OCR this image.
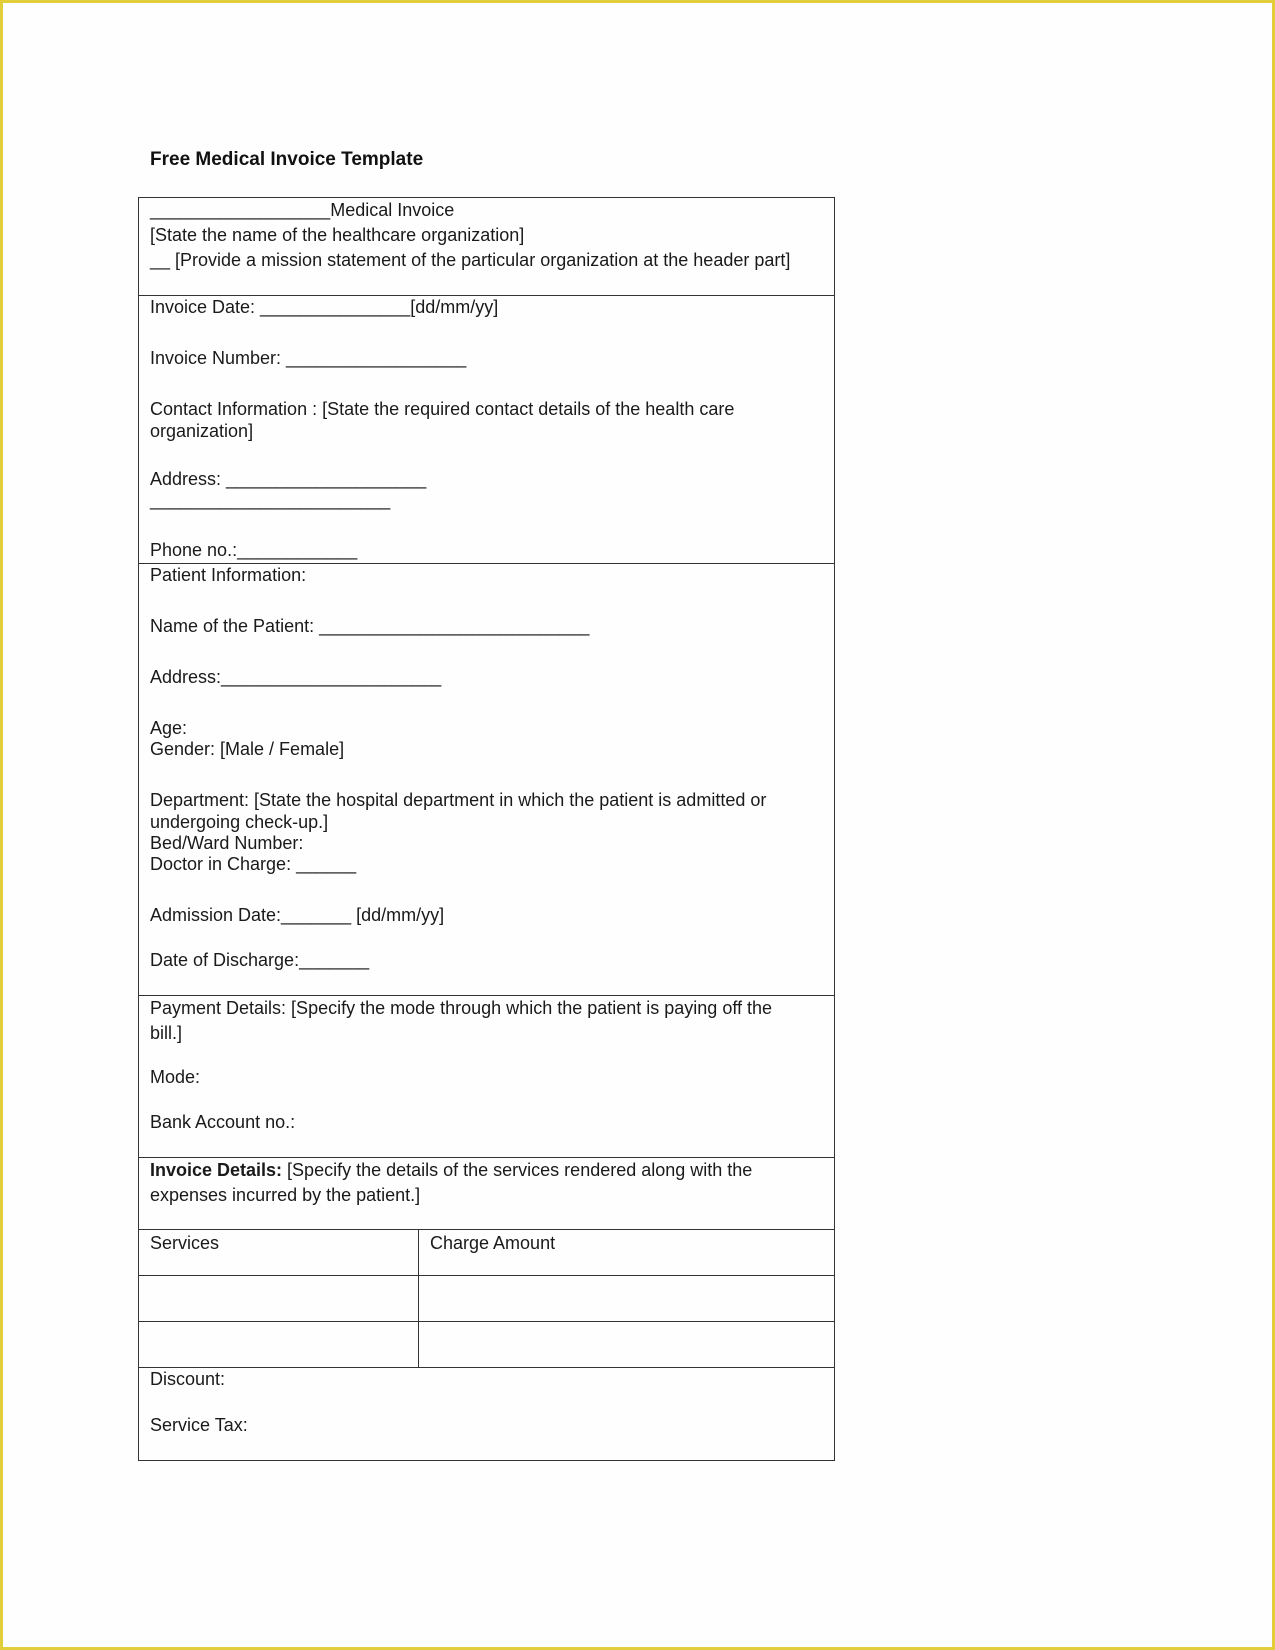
Free Medical Invoice Template
__________________Medical Invoice
[State the name of the healthcare organization]
__ [Provide a mission statement of the particular organization at the header part]
Invoice Date: _______________[dd/mm/yy]
Invoice Number: __________________
Contact Information : [State the required contact details of the health care organization]
Address: ____________________
________________________
Phone no.:____________
Patient Information:
Name of the Patient: ___________________________
Address:______________________
Age:
Gender: [Male / Female]
Department: [State the hospital department in which the patient is admitted or undergoing check-up.]
Bed/Ward Number:
Doctor in Charge: ______
Admission Date:_______ [dd/mm/yy]
Date of Discharge:_______
Payment Details: [Specify the mode through which the patient is paying off the bill.]
Mode:
Bank Account no.:
Invoice Details: [Specify the details of the services rendered along with the expenses incurred by the patient.]
Services	Charge Amount
Discount:
Service Tax:
